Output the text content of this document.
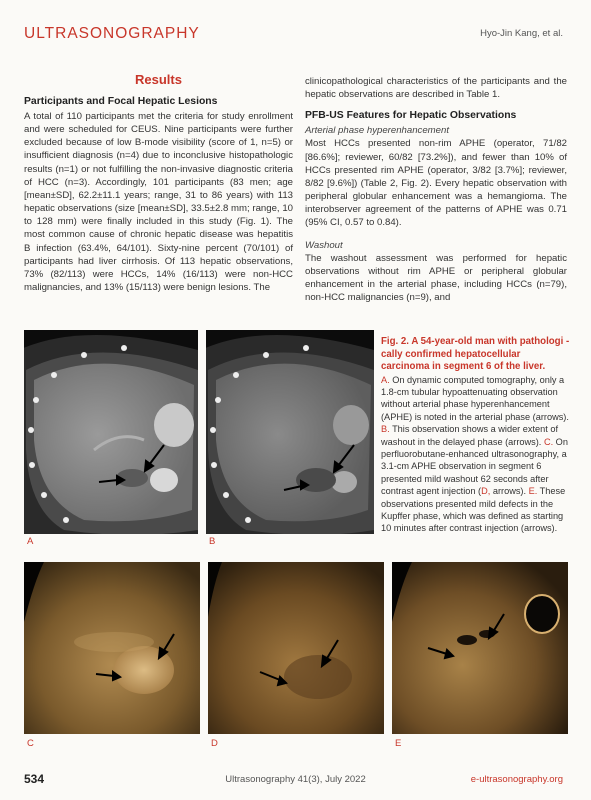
ULTRASONOGRAPHY	Hyo-Jin Kang, et al.
Results
Participants and Focal Hepatic Lesions

A total of 110 participants met the criteria for study enrollment and were scheduled for CEUS. Nine participants were further excluded because of low B-mode visibility (score of 1, n=5) or insufficient diagnosis (n=4) due to inconclusive histopathologic results (n=1) or not fulfilling the non-invasive diagnostic criteria of HCC (n=3). Accordingly, 101 participants (83 men; age [mean±SD], 62.2±11.1 years; range, 31 to 86 years) with 113 hepatic observations (size [mean±SD], 33.5±2.8 mm; range, 10 to 128 mm) were finally included in this study (Fig. 1). The most common cause of chronic hepatic disease was hepatitis B infection (63.4%, 64/101). Sixty-nine percent (70/101) of participants had liver cirrhosis. Of 113 hepatic observations, 73% (82/113) were HCCs, 14% (16/113) were non-HCC malignancies, and 13% (15/113) were benign lesions. The

clinicopathological characteristics of the participants and the hepatic observations are described in Table 1.

PFB-US Features for Hepatic Observations
Arterial phase hyperenhancement

Most HCCs presented non-rim APHE (operator, 71/82 [86.6%]; reviewer, 60/82 [73.2%]), and fewer than 10% of HCCs presented rim APHE (operator, 3/82 [3.7%]; reviewer, 8/82 [9.6%]) (Table 2, Fig. 2). Every hepatic observation with peripheral globular enhancement was a hemangioma. The interobserver agreement of the patterns of APHE was 0.71 (95% CI, 0.57 to 0.84).

Washout

The washout assessment was performed for hepatic observations without rim APHE or peripheral globular enhancement in the arterial phase, including HCCs (n=79), non-HCC malignancies (n=9), and

A	B
C	D	E
Fig. 2. A 54-year-old man with pathologi -cally confirmed hepatocellular carcinoma in segment 6 of the liver.
A. On dynamic computed tomography, only a 1.8-cm tubular hypoattenuating observation without arterial phase hyperenhancement (APHE) is noted in the arterial phase (arrows). B. This observation shows a wider extent of washout in the delayed phase (arrows). C. On perfluorobutane-enhanced ultrasonography, a 3.1-cm APHE observation in segment 6 presented mild washout 62 seconds after contrast agent injection (D, arrows). E. These observations presented mild defects in the Kupffer phase, which was defined as starting 10 minutes after contrast injection (arrows).
534	Ultrasonography 41(3), July 2022	e-ultrasonography.org
